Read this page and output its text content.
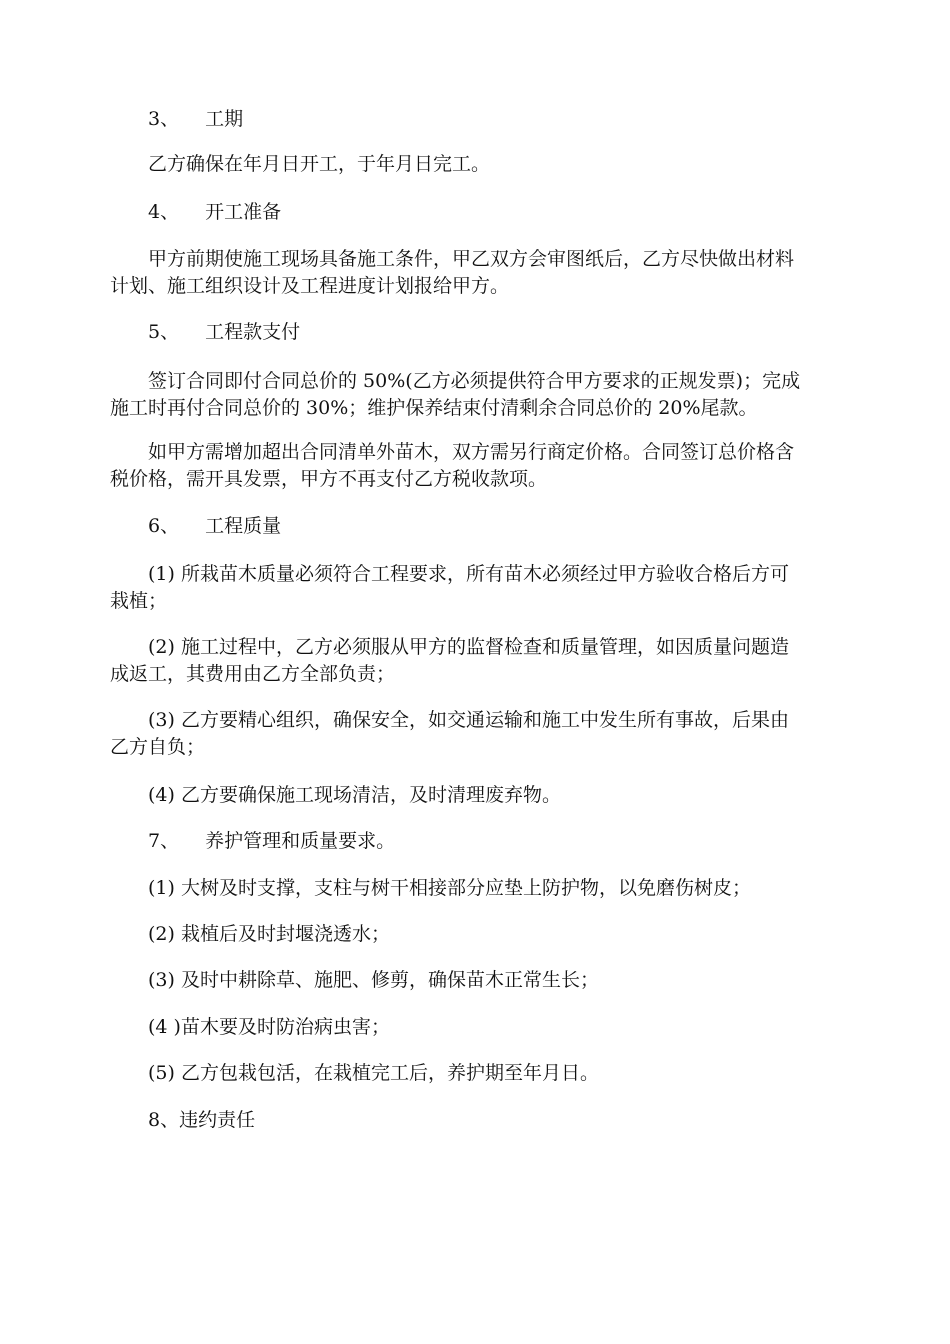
3、 工期
乙方确保在年月日开工，于年月日完工。
4、 开工准备
甲方前期使施工现场具备施工条件，甲乙双方会审图纸后，乙方尽快做出材料
计划、施工组织设计及工程进度计划报给甲方。
5、 工程款支付
签订合同即付合同总价的 50%(乙方必须提供符合甲方要求的正规发票)；完成
施工时再付合同总价的 30%；维护保养结束付清剩余合同总价的 20%尾款。
如甲方需增加超出合同清单外苗木，双方需另行商定价格。合同签订总价格含
税价格，需开具发票，甲方不再支付乙方税收款项。
6、 工程质量
(1) 所栽苗木质量必须符合工程要求，所有苗木必须经过甲方验收合格后方可
栽植；
(2) 施工过程中，乙方必须服从甲方的监督检查和质量管理，如因质量问题造
成返工，其费用由乙方全部负责；
(3) 乙方要精心组织，确保安全，如交通运输和施工中发生所有事故，后果由
乙方自负；
(4) 乙方要确保施工现场清洁，及时清理废弃物。
7、 养护管理和质量要求。
(1) 大树及时支撑，支柱与树干相接部分应垫上防护物，以免磨伤树皮；
(2) 栽植后及时封堰浇透水；
(3) 及时中耕除草、施肥、修剪，确保苗木正常生长；
(4 )苗木要及时防治病虫害；
(5) 乙方包栽包活，在栽植完工后，养护期至年月日。
8、违约责任
